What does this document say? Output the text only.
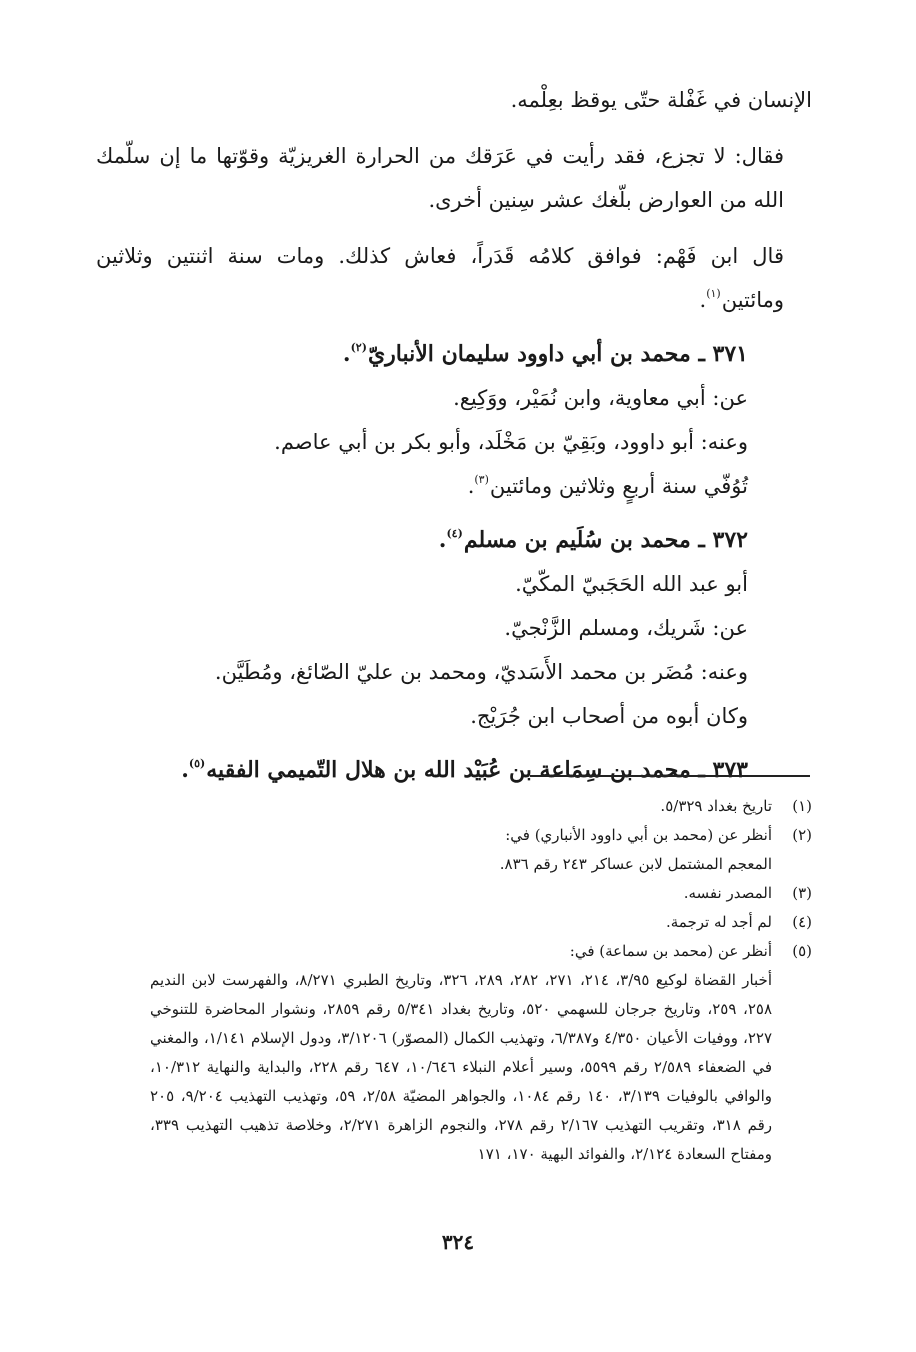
الإنسان في غَفْلة حتّى يوقظ بعِلْمه.

فقال: لا تجزع، فقد رأيت في عَرَقك من الحرارة الغريزيّة وقوّتها ما إن سلّمك الله من العوارض بلّغك عشر سِنين أخرى.

قال ابن فَهْم: فوافق كلامُه قَدَراً، فعاش كذلك. ومات سنة اثنتين وثلاثين ومائتين$^{(١)}$.

٣٧١ ـ محمد بن أبي داوود سليمان الأنباريّ$^{(٢)}$.

عن: أبي معاوية، وابن نُمَيْر، ووَكِيع.

وعنه: أبو داوود، وبَقِيّ بن مَخْلَد، وأبو بكر بن أبي عاصم.

تُوُفّي سنة أربعٍ وثلاثين ومائتين$^{(٣)}$.

٣٧٢ ـ محمد بن سُلَيم بن مسلم$^{(٤)}$.

أبو عبد الله الحَجَبيّ المكّيّ.

عن: شَريك، ومسلم الزَّنْجيّ.

وعنه: مُضَر بن محمد الأَسَديّ، ومحمد بن عليّ الصّائغ، ومُطَيَّن.

وكان أبوه من أصحاب ابن جُرَيْج.

٣٧٣ ـ محمد بن سِمَاعة بن عُبَيْد الله بن هلال التّميمي الفقيه$^{(٥)}$.

(١)

تاريخ بغداد ٥/٣٢٩.

(٢)

أنظر عن (محمد بن أبي داوود الأنباري) في:

المعجم المشتمل لابن عساكر ٢٤٣ رقم ٨٣٦.

(٣)

المصدر نفسه.

(٤)

لم أجد له ترجمة.

(٥)

أنظر عن (محمد بن سماعة) في:

أخبار القضاة لوكيع ٣/٩٥، ٢١٤، ٢٧١، ٢٨٢، ٢٨٩، ٣٢٦، وتاريخ الطبري ٨/٢٧١، والفهرست لابن النديم ٢٥٨، ٢٥٩، وتاريخ جرجان للسهمي ٥٢٠، وتاريخ بغداد ٥/٣٤١ رقم ٢٨٥٩، ونشوار المحاضرة للتنوخي ٢٢٧، ووفيات الأعيان ٤/٣٥٠ و٦/٣٨٧، وتهذيب الكمال (المصوّر) ٣/١٢٠٦، ودول الإسلام ١/١٤١، والمغني في الضعفاء ٢/٥٨٩ رقم ٥٥٩٩، وسير أعلام النبلاء ١٠/٦٤٦، ٦٤٧ رقم ٢٢٨، والبداية والنهاية ١٠/٣١٢، والوافي بالوفيات ٣/١٣٩، ١٤٠ رقم ١٠٨٤، والجواهر المضيّة ٢/٥٨، ٥٩، وتهذيب التهذيب ٩/٢٠٤، ٢٠٥ رقم ٣١٨، وتقريب التهذيب ٢/١٦٧ رقم ٢٧٨، والنجوم الزاهرة ٢/٢٧١، وخلاصة تذهيب التهذيب ٣٣٩، ومفتاح السعادة ٢/١٢٤، والفوائد البهية ١٧٠، ١٧١

٣٢٤
